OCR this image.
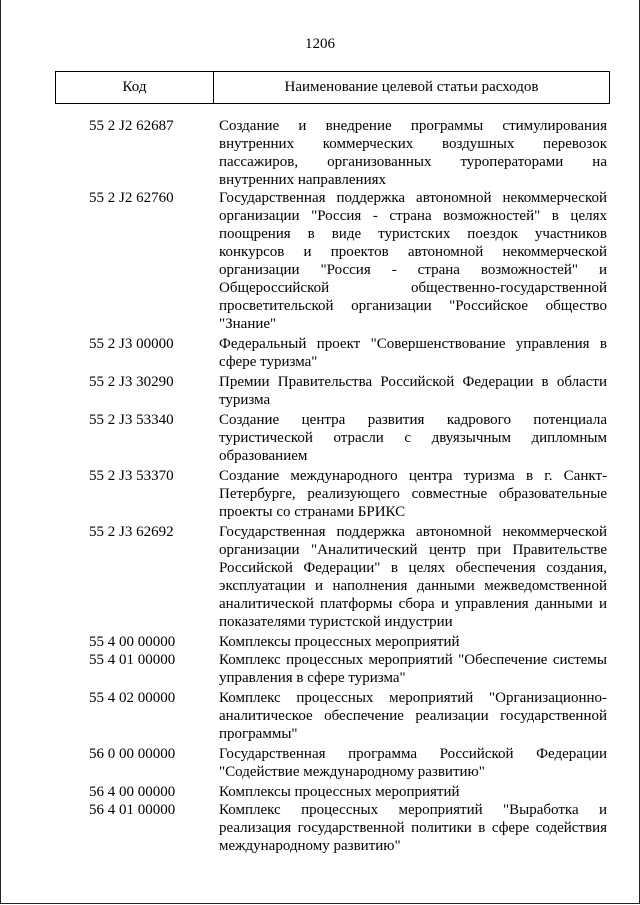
1206
Код	Наименование целевой статьи расходов
55 2 J2 62687	Создание и внедрение программы стимулирования внутренних коммерческих воздушных перевозок пассажиров, организованных туроператорами на внутренних направлениях
55 2 J2 62760	Государственная поддержка автономной некоммерческой организации "Россия - страна возможностей" в целях поощрения в виде туристских поездок участников конкурсов и проектов автономной некоммерческой организации "Россия - страна возможностей" и Общероссийской общественно-государственной просветительской организации "Российское общество "Знание"
55 2 J3 00000	Федеральный проект "Совершенствование управления в сфере туризма"
55 2 J3 30290	Премии Правительства Российской Федерации в области туризма
55 2 J3 53340	Создание центра развития кадрового потенциала туристической отрасли с двуязычным дипломным образованием
55 2 J3 53370	Создание международного центра туризма в г. Санкт-Петербурге, реализующего совместные образовательные проекты со странами БРИКС
55 2 J3 62692	Государственная поддержка автономной некоммерческой организации "Аналитический центр при Правительстве Российской Федерации" в целях обеспечения создания, эксплуатации и наполнения данными межведомственной аналитической платформы сбора и управления данными и показателями туристской индустрии
55 4 00 00000	Комплексы процессных мероприятий
55 4 01 00000	Комплекс процессных мероприятий "Обеспечение системы управления в сфере туризма"
55 4 02 00000	Комплекс процессных мероприятий "Организационно-аналитическое обеспечение реализации государственной программы"
56 0 00 00000	Государственная программа Российской Федерации "Содействие международному развитию"
56 4 00 00000	Комплексы процессных мероприятий
56 4 01 00000	Комплекс процессных мероприятий "Выработка и реализация государственной политики в сфере содействия международному развитию"
